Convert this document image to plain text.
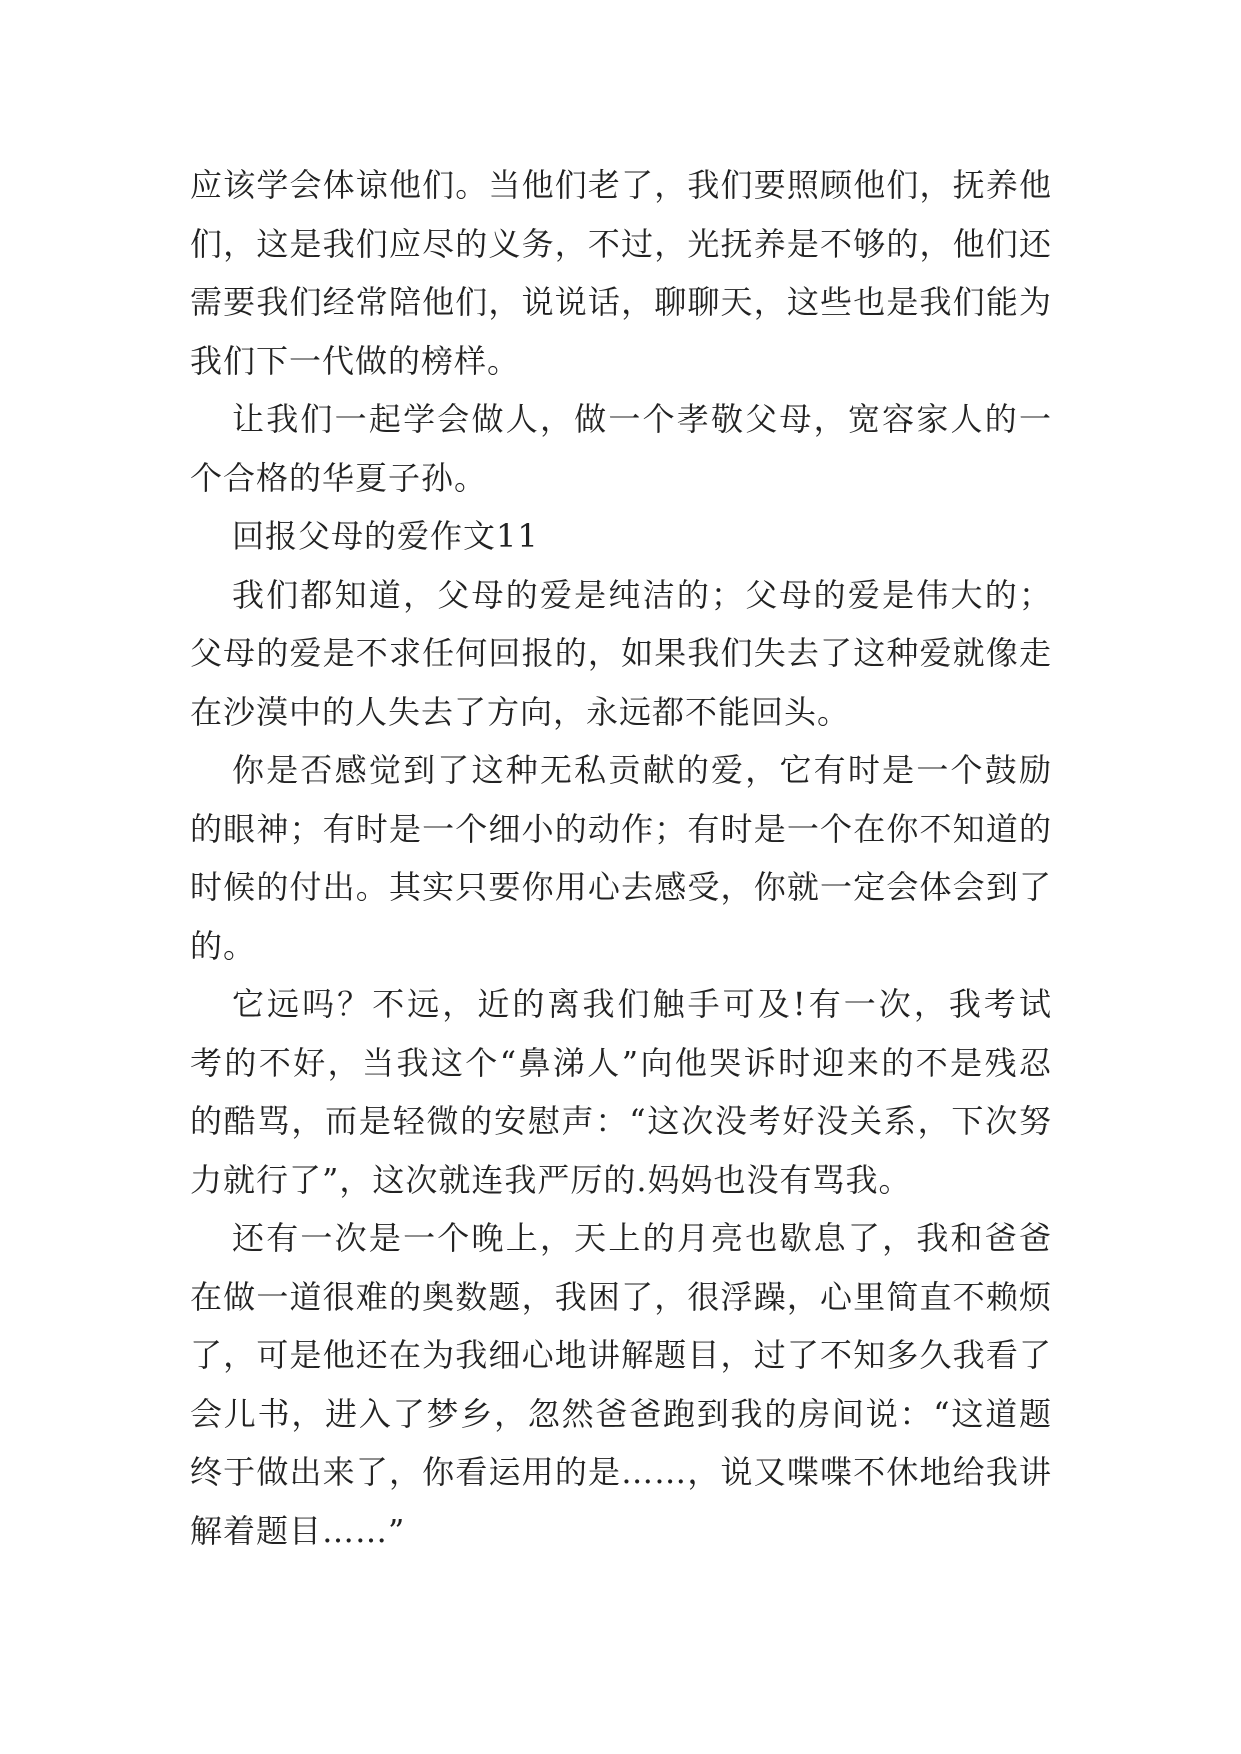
应该学会体谅他们。当他们老了，我们要照顾他们，抚养他
们，这是我们应尽的义务，不过，光抚养是不够的，他们还
需要我们经常陪他们，说说话，聊聊天，这些也是我们能为
我们下一代做的榜样。
让我们一起学会做人，做一个孝敬父母，宽容家人的一
个合格的华夏子孙。
回报父母的爱作文11
我们都知道，父母的爱是纯洁的；父母的爱是伟大的；
父母的爱是不求任何回报的，如果我们失去了这种爱就像走
在沙漠中的人失去了方向，永远都不能回头。
你是否感觉到了这种无私贡献的爱，它有时是一个鼓励
的眼神；有时是一个细小的动作；有时是一个在你不知道的
时候的付出。其实只要你用心去感受，你就一定会体会到了
的。
它远吗？不远，近的离我们触手可及!有一次，我考试
考的不好，当我这个“鼻涕人”向他哭诉时迎来的不是残忍
的酷骂，而是轻微的安慰声：“这次没考好没关系，下次努
力就行了”，这次就连我严厉的.妈妈也没有骂我。
还有一次是一个晚上，天上的月亮也歇息了，我和爸爸
在做一道很难的奥数题，我困了，很浮躁，心里简直不赖烦
了，可是他还在为我细心地讲解题目，过了不知多久我看了
会儿书，进入了梦乡，忽然爸爸跑到我的房间说：“这道题
终于做出来了，你看运用的是……，说又喋喋不休地给我讲
解着题目……”
